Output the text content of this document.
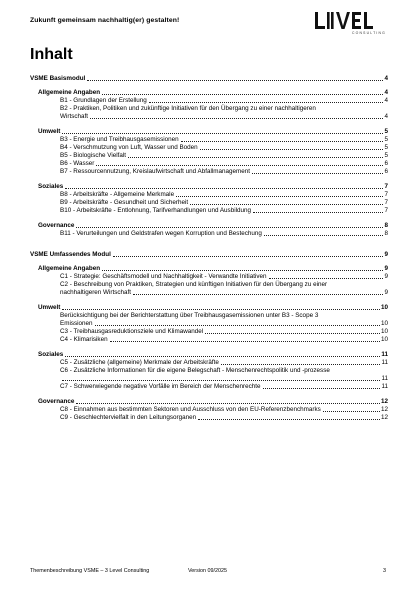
Zukunft gemeinsam nachhaltig(er) gestalten!
CONSULTING
Inhalt
VSME Basismodul	4
Allgemeine Angaben	4
B1 - Grundlagen der Erstellung	4
B2 - Praktiken, Politiken und zukünftige Initiativen für den Übergang zu einer nachhaltigeren
Wirtschaft	4
Umwelt	5
B3 - Energie und Treibhausgasemissionen	5
B4 - Verschmutzung von Luft, Wasser und Boden	5
B5 - Biologische Vielfalt	5
B6 - Wasser	6
B7 - Ressourcennutzung, Kreislaufwirtschaft und Abfallmanagement	6
Soziales	7
B8 - Arbeitskräfte - Allgemeine Merkmale	7
B9 - Arbeitskräfte - Gesundheit und Sicherheit	7
B10 - Arbeitskräfte - Entlohnung, Tarifverhandlungen und Ausbildung	7
Governance	8
B11 - Verurteilungen und Geldstrafen wegen Korruption und Bestechung	8
VSME Umfassendes Modul	9
Allgemeine Angaben	9
C1 - Strategie: Geschäftsmodell und Nachhaltigkeit - Verwandte Initiativen	9
C2 - Beschreibung von Praktiken, Strategien und künftigen Initiativen für den Übergang zu einer
nachhaltigeren Wirtschaft	9
Umwelt	10
Berücksichtigung bei der Berichterstattung über Treibhausgasemissionen unter B3 - Scope 3
Emissionen	10
C3 - Treibhausgasreduktionsziele und Klimawandel	10
C4 - Klimarisiken	10
Soziales	11
C5 - Zusätzliche (allgemeine) Merkmale der Arbeitskräfte	11
C6 - Zusätzliche Informationen für die eigene Belegschaft - Menschenrechtspolitik und -prozesse
11
C7 - Schwerwiegende negative Vorfälle im Bereich der Menschenrechte	11
Governance	12
C8 - Einnahmen aus bestimmten Sektoren und Ausschluss von den EU-Referenzbenchmarks	12
C9 - Geschlechtervielfalt in den Leitungsorganen	12
Themenbeschreibung VSME – 3 Level Consulting	Version 09/2025	3
